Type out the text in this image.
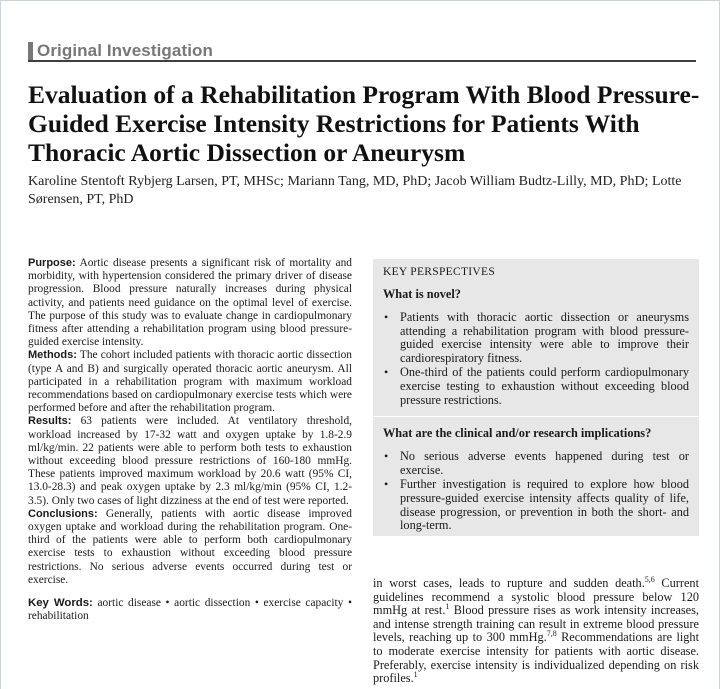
Original Investigation
Evaluation of a Rehabilitation Program With Blood Pressure-Guided Exercise Intensity Restrictions for Patients With Thoracic Aortic Dissection or Aneurysm
Karoline Stentoft Rybjerg Larsen, PT, MHSc; Mariann Tang, MD, PhD; Jacob William Budtz-Lilly, MD, PhD; Lotte Sørensen, PT, PhD

Purpose: Aortic disease presents a significant risk of mortality and morbidity, with hypertension considered the primary driver of disease progression. Blood pressure naturally increases during physical activity, and patients need guidance on the optimal level of exercise. The purpose of this study was to evaluate change in cardiopulmonary fitness after attending a rehabilitation program using blood pressure-guided exercise intensity.

Methods: The cohort included patients with thoracic aortic dissection (type A and B) and surgically operated thoracic aortic aneurysm. All participated in a rehabilitation program with maximum workload recommendations based on cardiopulmonary exercise tests which were performed before and after the rehabilitation program.

Results: 63 patients were included. At ventilatory threshold, workload increased by 17-32 watt and oxygen uptake by 1.8-2.9 ml/kg/min. 22 patients were able to perform both tests to exhaustion without exceeding blood pressure restrictions of 160-180 mmHg. These patients improved maximum workload by 20.6 watt (95% CI, 13.0-28.3) and peak oxygen uptake by 2.3 ml/kg/min (95% CI, 1.2-3.5). Only two cases of light dizziness at the end of test were reported.

Conclusions: Generally, patients with aortic disease improved oxygen uptake and workload during the rehabilitation program. One-third of the patients were able to perform both cardiopulmonary exercise tests to exhaustion without exceeding blood pressure restrictions. No serious adverse events occurred during test or exercise.

Key Words: aortic disease • aortic dissection • exercise capacity • rehabilitation

KEY PERSPECTIVES
What is novel?
• Patients with thoracic aortic dissection or aneurysms attending a rehabilitation program with blood pressure-guided exercise intensity were able to improve their cardiorespiratory fitness.
• One-third of the patients could perform cardiopulmonary exercise testing to exhaustion without exceeding blood pressure restrictions.
What are the clinical and/or research implications?
• No serious adverse events happened during test or exercise.
• Further investigation is required to explore how blood pressure-guided exercise intensity affects quality of life, disease progression, or prevention in both the short- and long-term.
in worst cases, leads to rupture and sudden death.$^{5,6}$ Current guidelines recommend a systolic blood pressure below 120 mmHg at rest.$^1$ Blood pressure rises as work intensity increases, and intense strength training can result in extreme blood pressure levels, reaching up to 300 mmHg.$^{7,8}$ Recommendations are light to moderate exercise intensity for patients with aortic disease. Preferably, exercise intensity is individualized depending on risk profiles.$^1$
